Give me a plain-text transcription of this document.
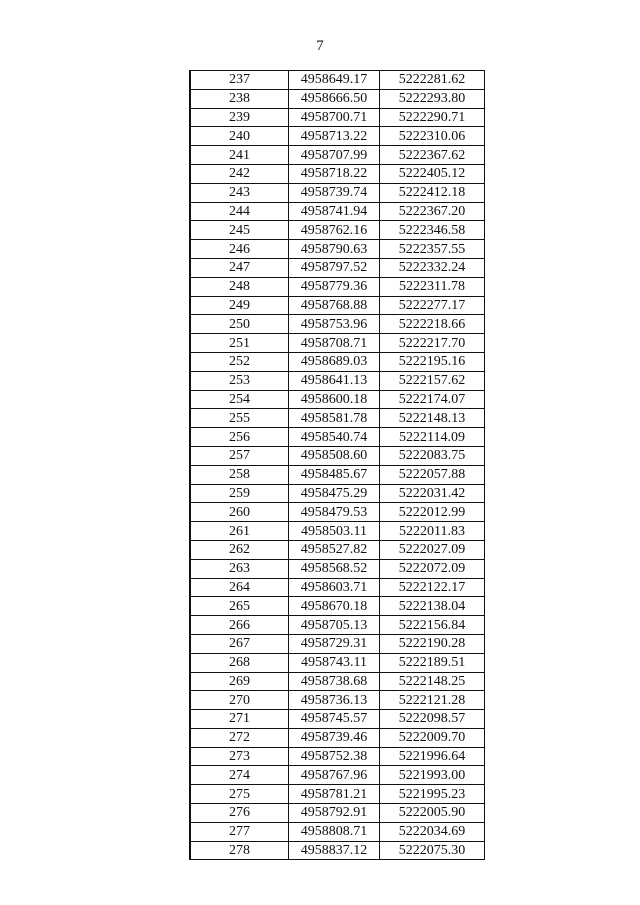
7
237	4958649.17	5222281.62
238	4958666.50	5222293.80
239	4958700.71	5222290.71
240	4958713.22	5222310.06
241	4958707.99	5222367.62
242	4958718.22	5222405.12
243	4958739.74	5222412.18
244	4958741.94	5222367.20
245	4958762.16	5222346.58
246	4958790.63	5222357.55
247	4958797.52	5222332.24
248	4958779.36	5222311.78
249	4958768.88	5222277.17
250	4958753.96	5222218.66
251	4958708.71	5222217.70
252	4958689.03	5222195.16
253	4958641.13	5222157.62
254	4958600.18	5222174.07
255	4958581.78	5222148.13
256	4958540.74	5222114.09
257	4958508.60	5222083.75
258	4958485.67	5222057.88
259	4958475.29	5222031.42
260	4958479.53	5222012.99
261	4958503.11	5222011.83
262	4958527.82	5222027.09
263	4958568.52	5222072.09
264	4958603.71	5222122.17
265	4958670.18	5222138.04
266	4958705.13	5222156.84
267	4958729.31	5222190.28
268	4958743.11	5222189.51
269	4958738.68	5222148.25
270	4958736.13	5222121.28
271	4958745.57	5222098.57
272	4958739.46	5222009.70
273	4958752.38	5221996.64
274	4958767.96	5221993.00
275	4958781.21	5221995.23
276	4958792.91	5222005.90
277	4958808.71	5222034.69
278	4958837.12	5222075.30
